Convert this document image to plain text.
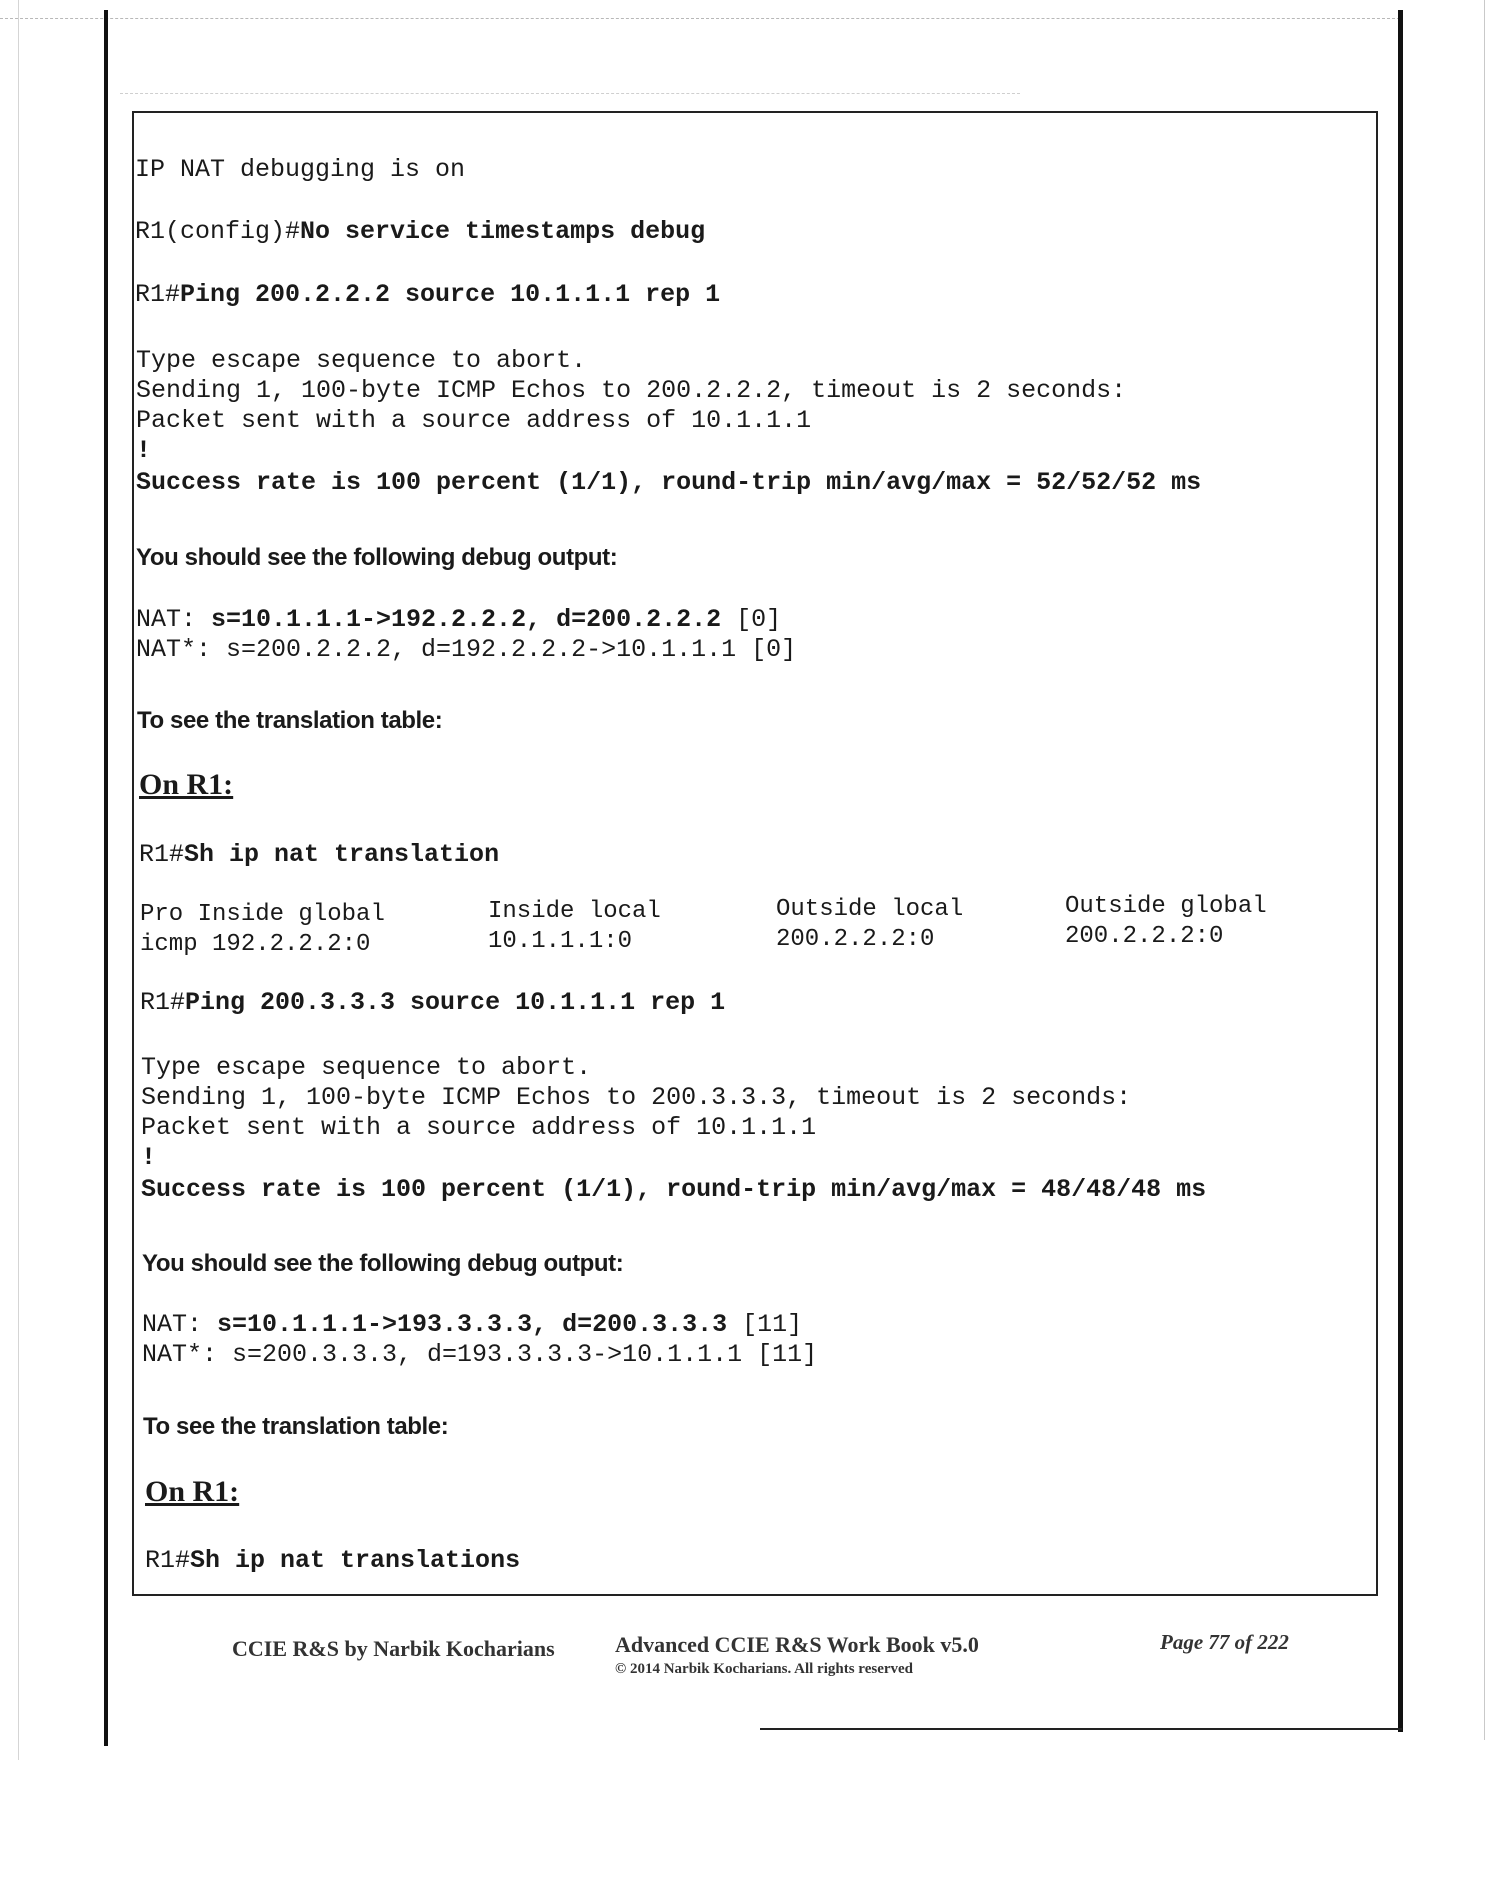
IP NAT debugging is on
R1(config)#No service timestamps debug
R1#Ping 200.2.2.2 source 10.1.1.1 rep 1
Type escape sequence to abort.
Sending 1, 100-byte ICMP Echos to 200.2.2.2, timeout is 2 seconds:
Packet sent with a source address of 10.1.1.1
!
Success rate is 100 percent (1/1), round-trip min/avg/max = 52/52/52 ms
You should see the following debug output:
NAT: s=10.1.1.1->192.2.2.2, d=200.2.2.2 [0]
NAT*: s=200.2.2.2, d=192.2.2.2->10.1.1.1 [0]
To see the translation table:
On R1:
R1#Sh ip nat translation
Pro Inside global	Inside local	Outside local	Outside global
icmp 192.2.2.2:0	10.1.1.1:0	200.2.2.2:0	200.2.2.2:0
R1#Ping 200.3.3.3 source 10.1.1.1 rep 1
Type escape sequence to abort.
Sending 1, 100-byte ICMP Echos to 200.3.3.3, timeout is 2 seconds:
Packet sent with a source address of 10.1.1.1
!
Success rate is 100 percent (1/1), round-trip min/avg/max = 48/48/48 ms
You should see the following debug output:
NAT: s=10.1.1.1->193.3.3.3, d=200.3.3.3 [11]
NAT*: s=200.3.3.3, d=193.3.3.3->10.1.1.1 [11]
To see the translation table:
On R1:
R1#Sh ip nat translations
CCIE R&S by Narbik Kocharians	Advanced CCIE R&S Work Book v5.0
© 2014 Narbik Kocharians. All rights reserved
Page 77 of 222
